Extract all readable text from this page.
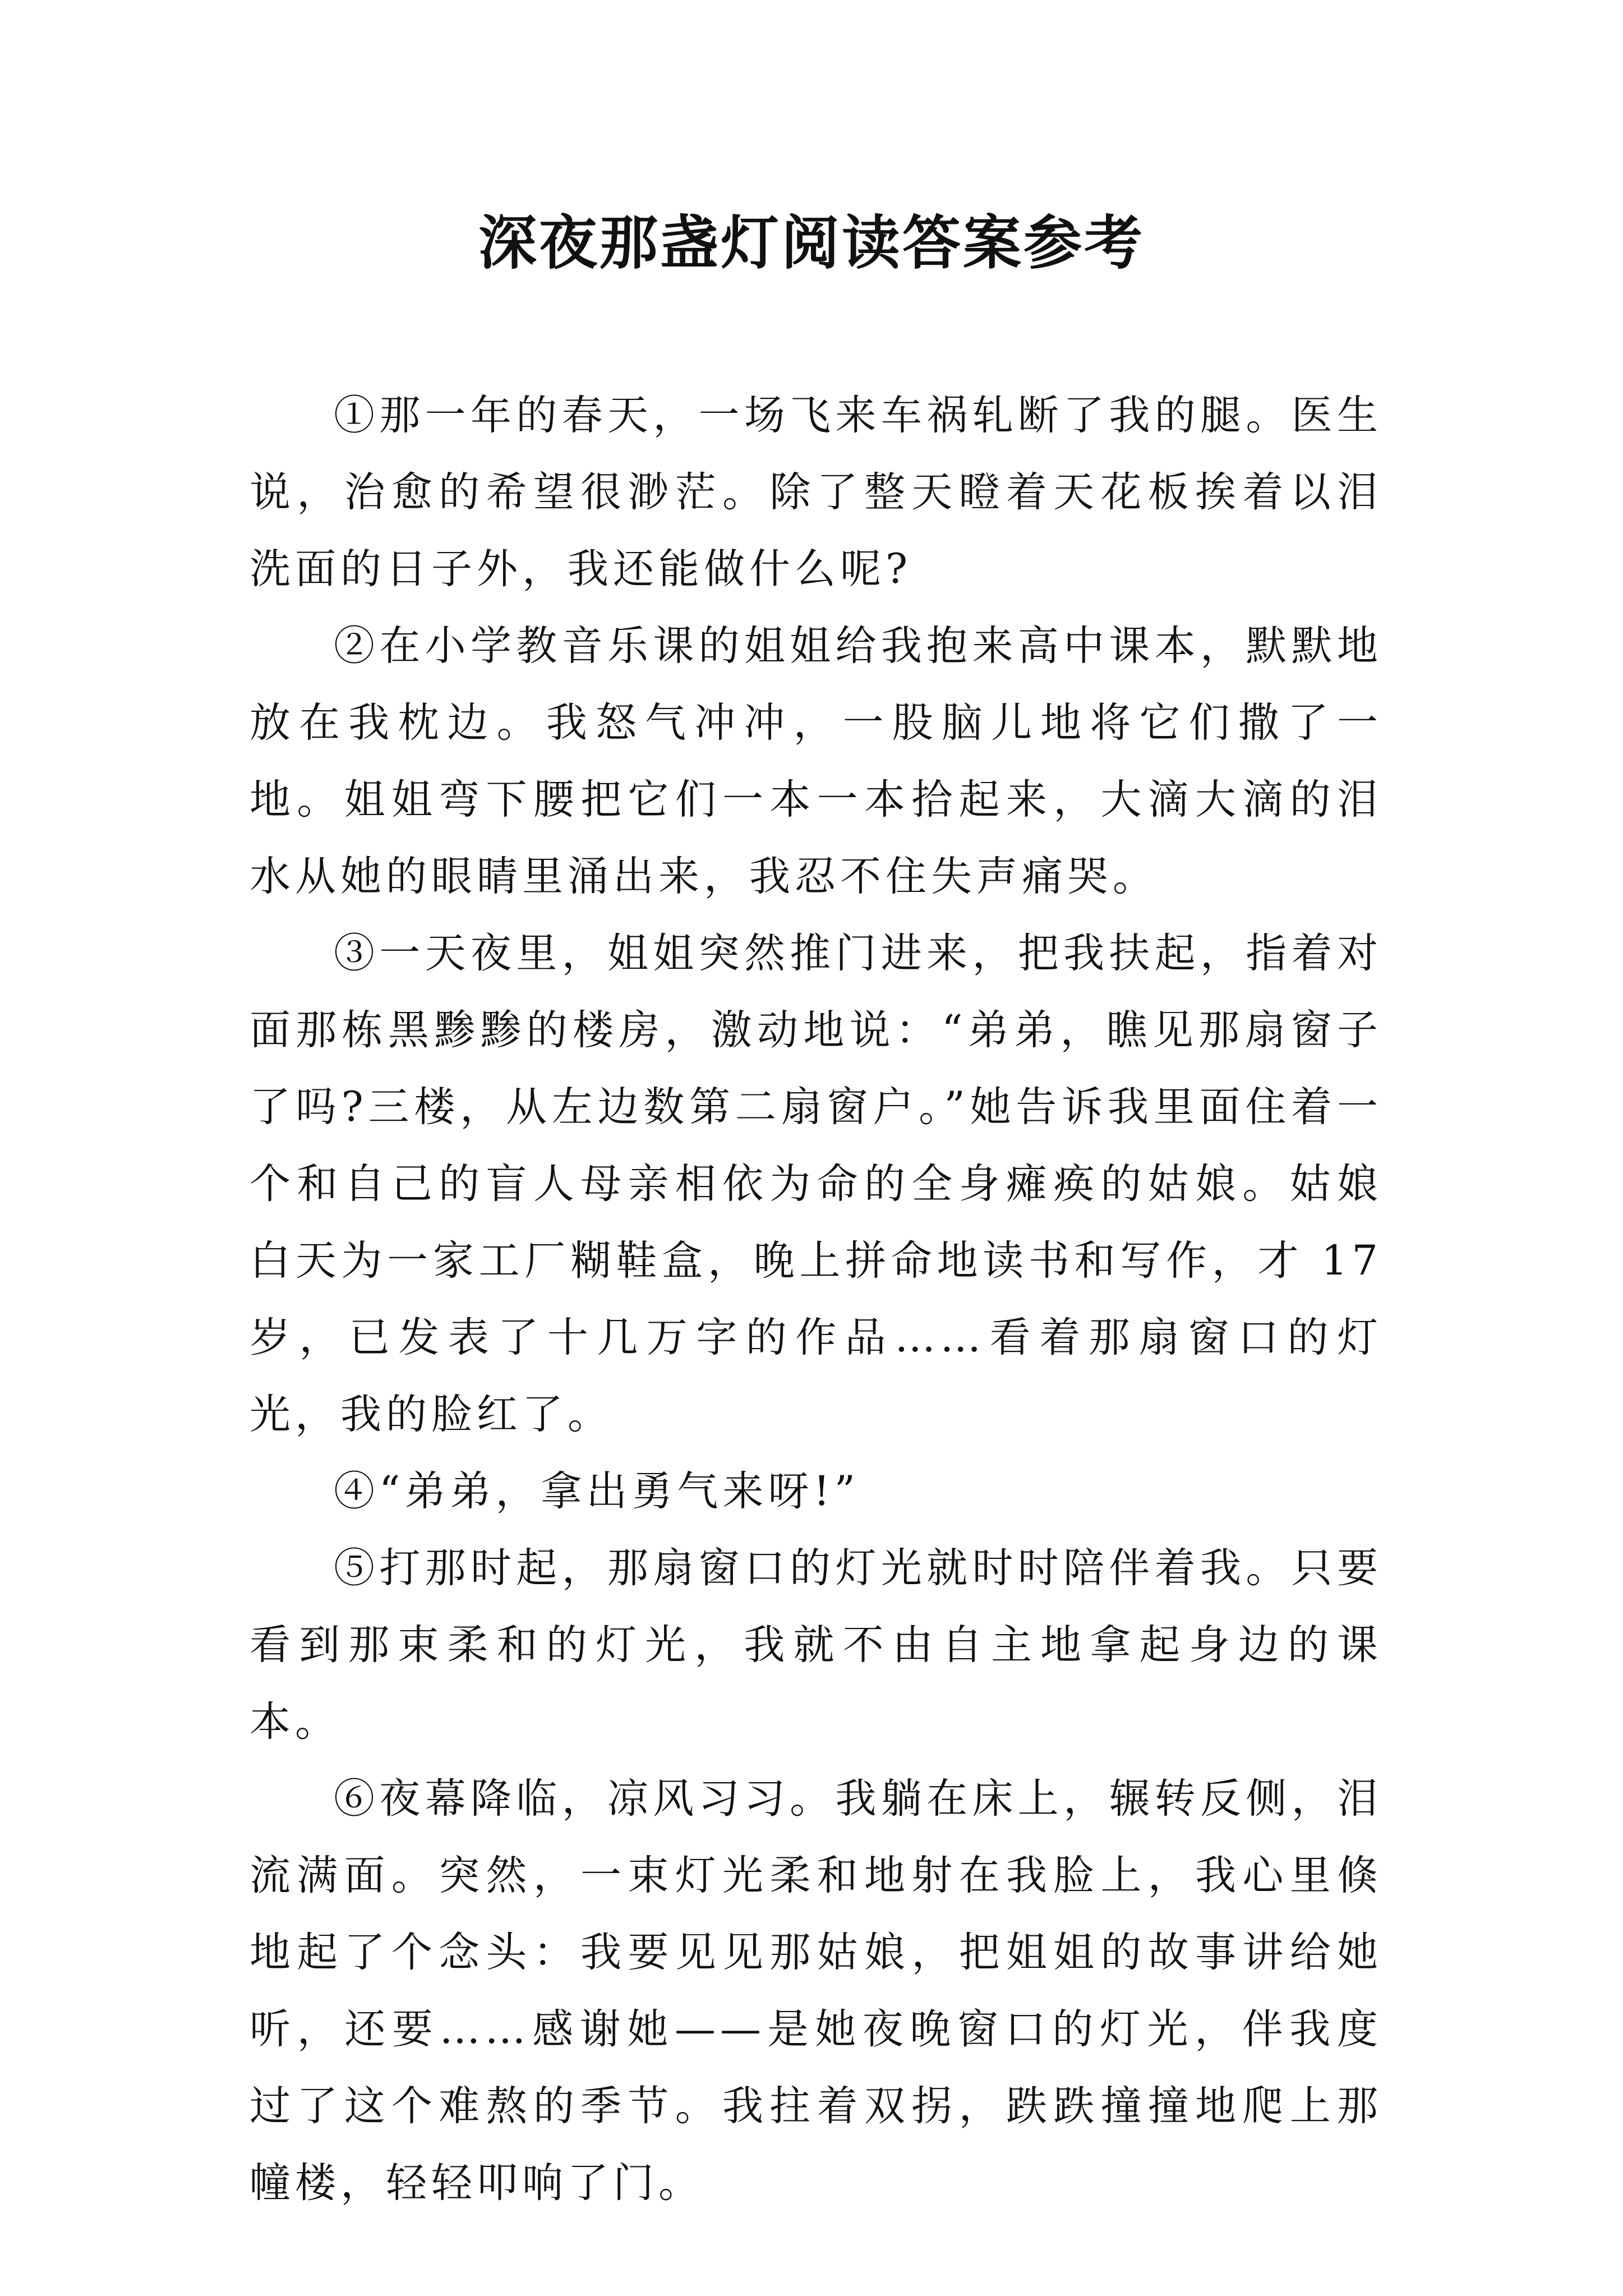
深夜那盏灯阅读答案参考

①那一年的春天，一场飞来车祸轧断了我的腿。医生说，治愈的希望很渺茫。除了整天瞪着天花板挨着以泪洗面的日子外，我还能做什么呢?

②在小学教音乐课的姐姐给我抱来高中课本，默默地放在我枕边。我怒气冲冲，一股脑儿地将它们撒了一地。姐姐弯下腰把它们一本一本拾起来，大滴大滴的泪水从她的眼睛里涌出来，我忍不住失声痛哭。

③一天夜里，姐姐突然推门进来，把我扶起，指着对面那栋黑黪黪的楼房，激动地说：“弟弟，瞧见那扇窗子了吗?三楼，从左边数第二扇窗户。”她告诉我里面住着一个和自己的盲人母亲相依为命的全身瘫痪的姑娘。姑娘白天为一家工厂糊鞋盒，晚上拼命地读书和写作，才 17 岁，已发表了十几万字的作品……看着那扇窗口的灯光，我的脸红了。

④“弟弟，拿出勇气来呀!”

⑤打那时起，那扇窗口的灯光就时时陪伴着我。只要看到那束柔和的灯光，我就不由自主地拿起身边的课本。

⑥夜幕降临，凉风习习。我躺在床上，辗转反侧，泪流满面。突然，一束灯光柔和地射在我脸上，我心里倏地起了个念头：我要见见那姑娘，把姐姐的故事讲给她听，还要……感谢她——是她夜晚窗口的灯光，伴我度过了这个难熬的季节。我拄着双拐，跌跌撞撞地爬上那幢楼，轻轻叩响了门。
